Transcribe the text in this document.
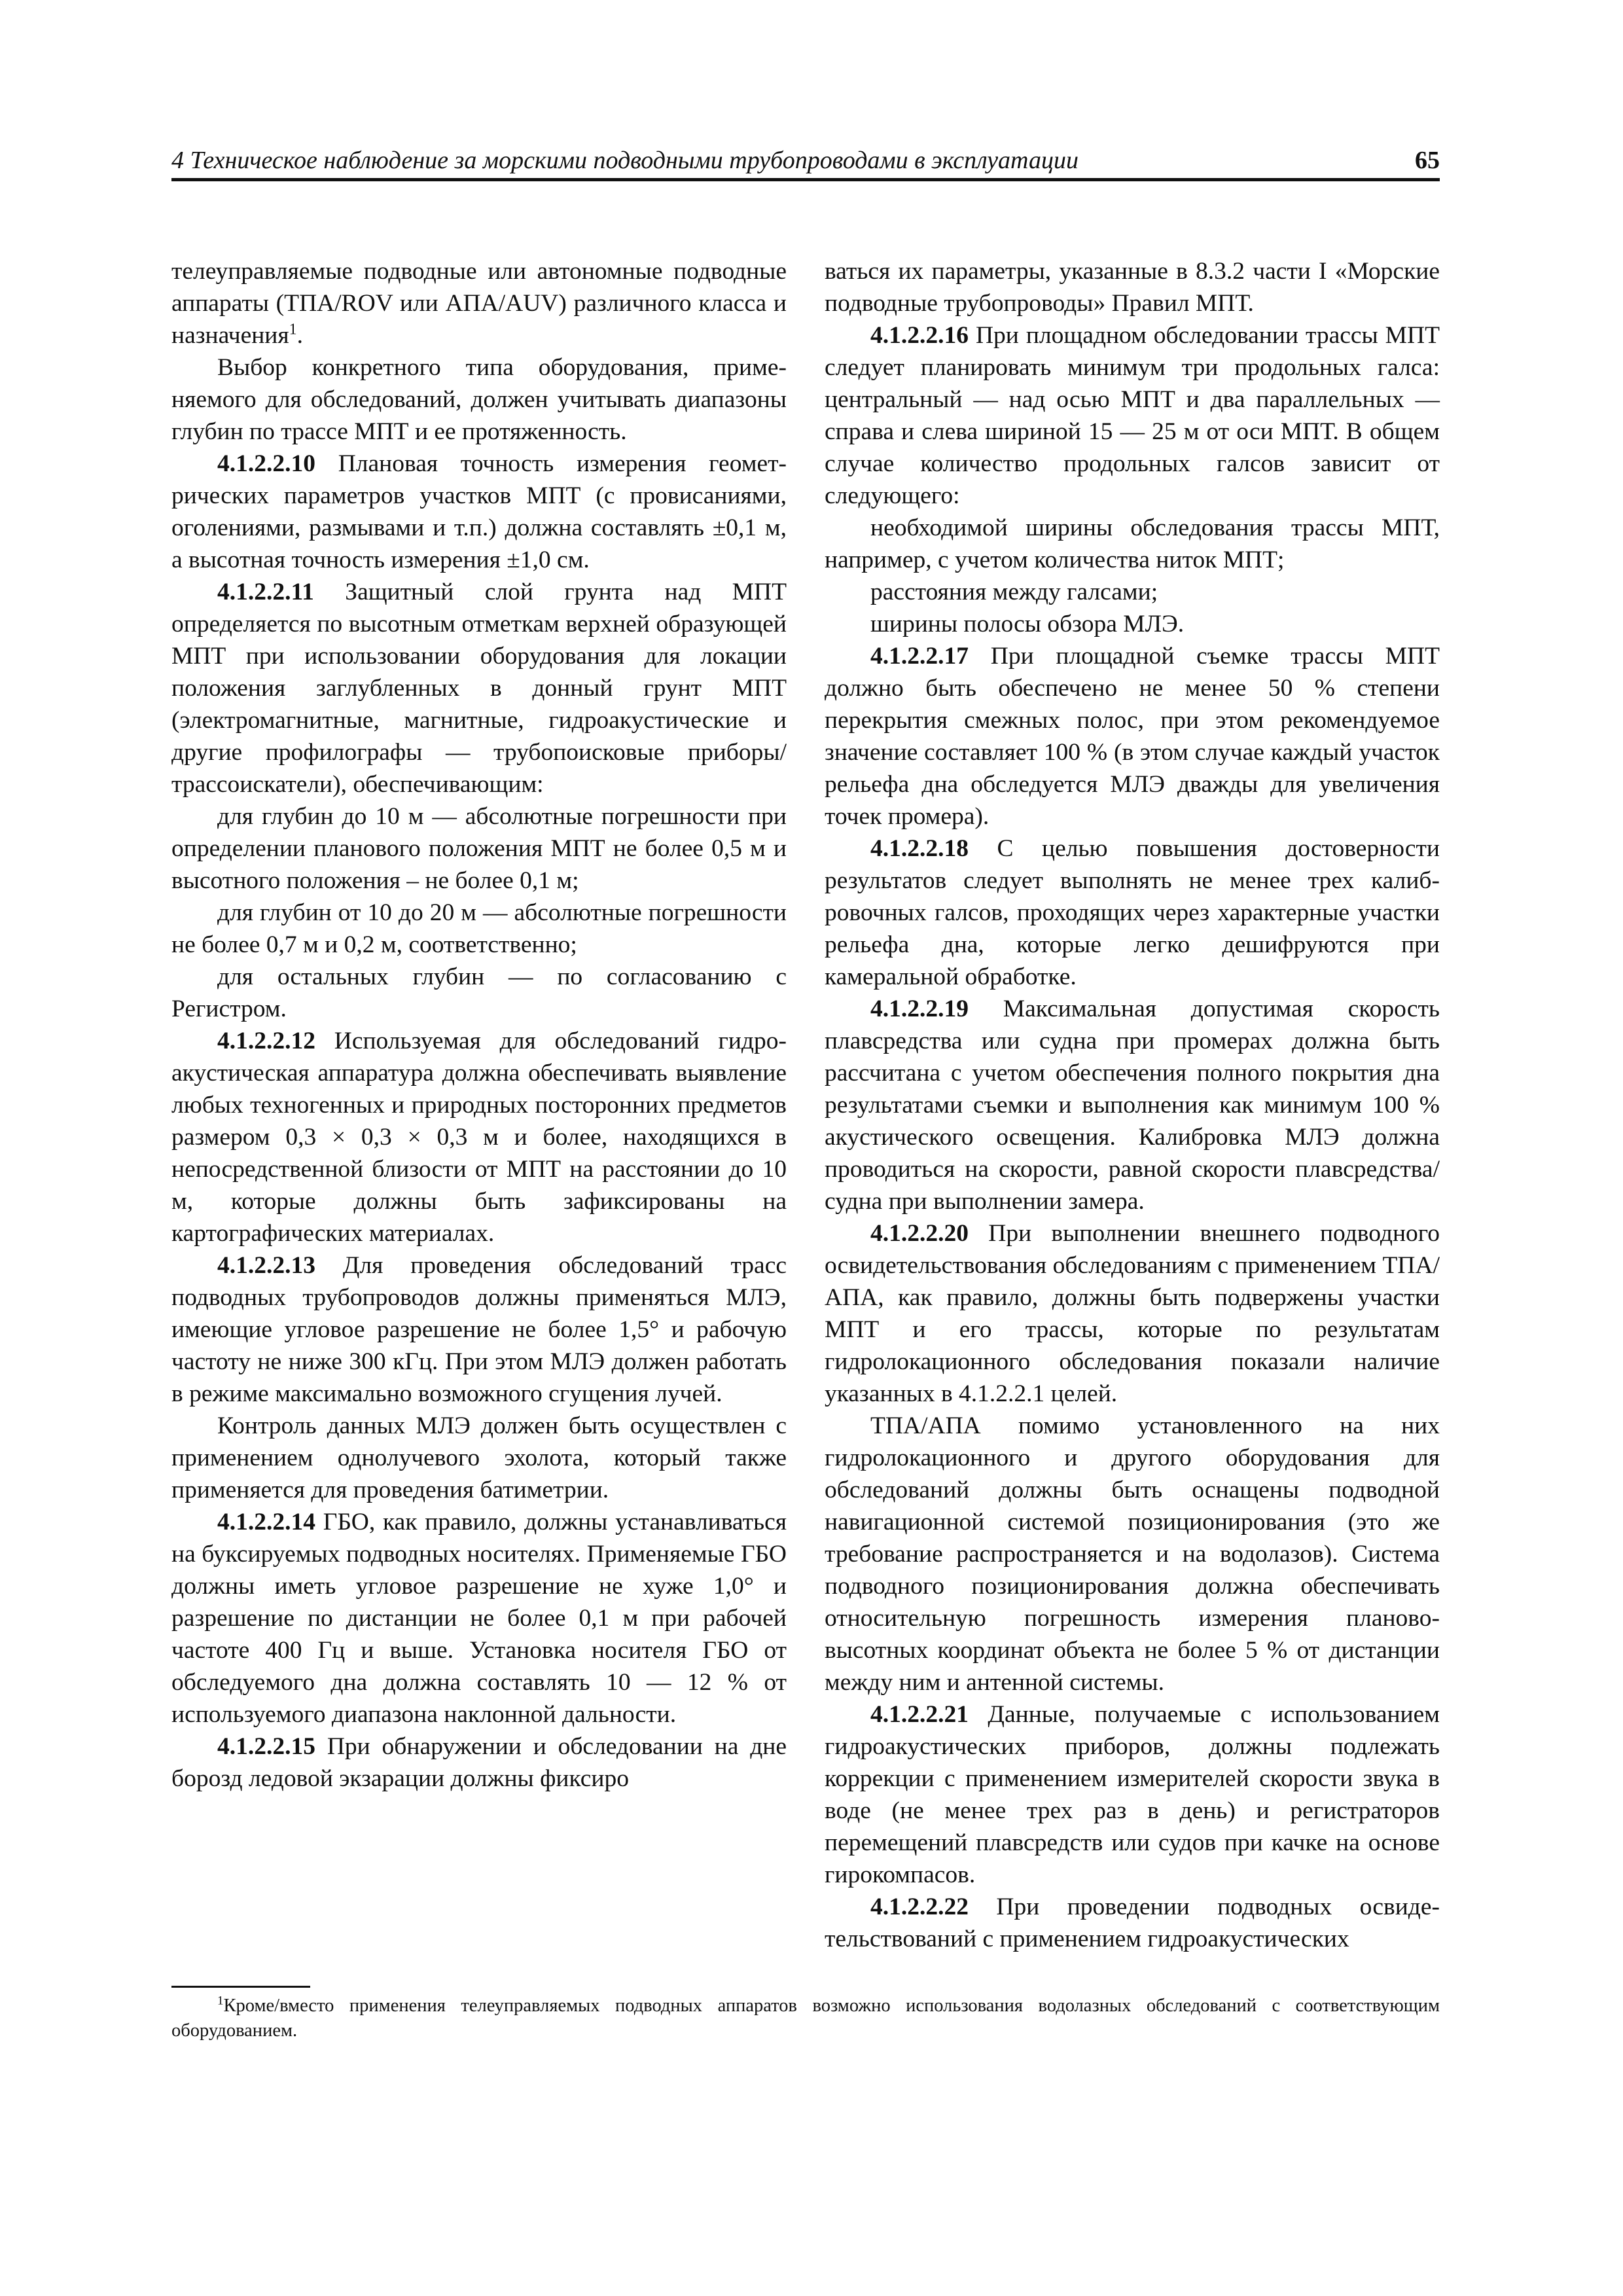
4 Техническое наблюдение за морскими подводными трубопроводами в эксплуатации	65

телеуправляемые подводные или автономные подводные аппараты (ТПА/ROV или АПА/AUV) различного класса и назначения$^1$.

Выбор конкретного типа оборудования, применяемого для обследований, должен учитывать диапазоны глубин по трассе МПТ и ее протяженность.

4.1.2.2.10 Плановая точность измерения геометрических параметров участков МПТ (с провисаниями, оголениями, размывами и т.п.) должна составлять ±0,1 м, а высотная точность измерения ±1,0 см.

4.1.2.2.11 Защитный слой грунта над МПТ определяется по высотным отметкам верхней образующей МПТ при использовании оборудования для локации положения заглубленных в донный грунт МПТ (электромагнитные, магнитные, гидроакустические и другие профилографы — трубопоисковые приборы/трассоискатели), обеспечивающим:

для глубин до 10 м — абсолютные погрешности при определении планового положения МПТ не более 0,5 м и высотного положения – не более 0,1 м;

для глубин от 10 до 20 м — абсолютные погрешности не более 0,7 м и 0,2 м, соответственно;

для остальных глубин — по согласованию с Регистром.

4.1.2.2.12 Используемая для обследований гидроакустическая аппаратура должна обеспечивать выявление любых техногенных и природных посторонних предметов размером 0,3 × 0,3 × 0,3 м и более, находящихся в непосредственной близости от МПТ на расстоянии до 10 м, которые должны быть зафиксированы на картографических материалах.

4.1.2.2.13 Для проведения обследований трасс подводных трубопроводов должны применяться МЛЭ, имеющие угловое разрешение не более 1,5° и рабочую частоту не ниже 300 кГц. При этом МЛЭ должен работать в режиме максимально возможного сгущения лучей.

Контроль данных МЛЭ должен быть осуществлен с применением однолучевого эхолота, который также применяется для проведения батиметрии.

4.1.2.2.14 ГБО, как правило, должны устанавливаться на буксируемых подводных носителях. Применяемые ГБО должны иметь угловое разрешение не хуже 1,0° и разрешение по дистанции не более 0,1 м при рабочей частоте 400 Гц и выше. Установка носителя ГБО от обследуемого дна должна составлять 10 — 12 % от используемого диапазона наклонной дальности.

4.1.2.2.15 При обнаружении и обследовании на дне борозд ледовой экзарации должны фиксиро

ваться их параметры, указанные в 8.3.2 части I «Морские подводные трубопроводы» Правил МПТ.

4.1.2.2.16 При площадном обследовании трассы МПТ следует планировать минимум три продольных галса: центральный — над осью МПТ и два параллельных — справа и слева шириной 15 — 25 м от оси МПТ. В общем случае количество продольных галсов зависит от следующего:

необходимой ширины обследования трассы МПТ, например, с учетом количества ниток МПТ;

расстояния между галсами;

ширины полосы обзора МЛЭ.

4.1.2.2.17 При площадной съемке трассы МПТ должно быть обеспечено не менее 50 % степени перекрытия смежных полос, при этом рекомендуемое значение составляет 100 % (в этом случае каждый участок рельефа дна обследуется МЛЭ дважды для увеличения точек промера).

4.1.2.2.18 С целью повышения достоверности результатов следует выполнять не менее трех калибровочных галсов, проходящих через характерные участки рельефа дна, которые легко дешифруются при камеральной обработке.

4.1.2.2.19 Максимальная допустимая скорость плавсредства или судна при промерах должна быть рассчитана с учетом обеспечения полного покрытия дна результатами съемки и выполнения как минимум 100 % акустического освещения. Калибровка МЛЭ должна проводиться на скорости, равной скорости плавсредства/судна при выполнении замера.

4.1.2.2.20 При выполнении внешнего подводного освидетельствования обследованиям с применением ТПА/АПА, как правило, должны быть подвержены участки МПТ и его трассы, которые по результатам гидролокационного обследования показали наличие указанных в 4.1.2.2.1 целей.

ТПА/АПА помимо установленного на них гидролокационного и другого оборудования для обследований должны быть оснащены подводной навигационной системой позиционирования (это же требование распространяется и на водолазов). Система подводного позиционирования должна обеспечивать относительную погрешность измерения планово-высотных координат объекта не более 5 % от дистанции между ним и антенной системы.

4.1.2.2.21 Данные, получаемые с использованием гидроакустических приборов, должны подлежать коррекции с применением измерителей скорости звука в воде (не менее трех раз в день) и регистраторов перемещений плавсредств или судов при качке на основе гирокомпасов.

4.1.2.2.22 При проведении подводных освидетельствований с применением гидроакустических

$^1$Кроме/вместо применения телеуправляемых подводных аппаратов возможно использования водолазных обследований с соответствующим оборудованием.
